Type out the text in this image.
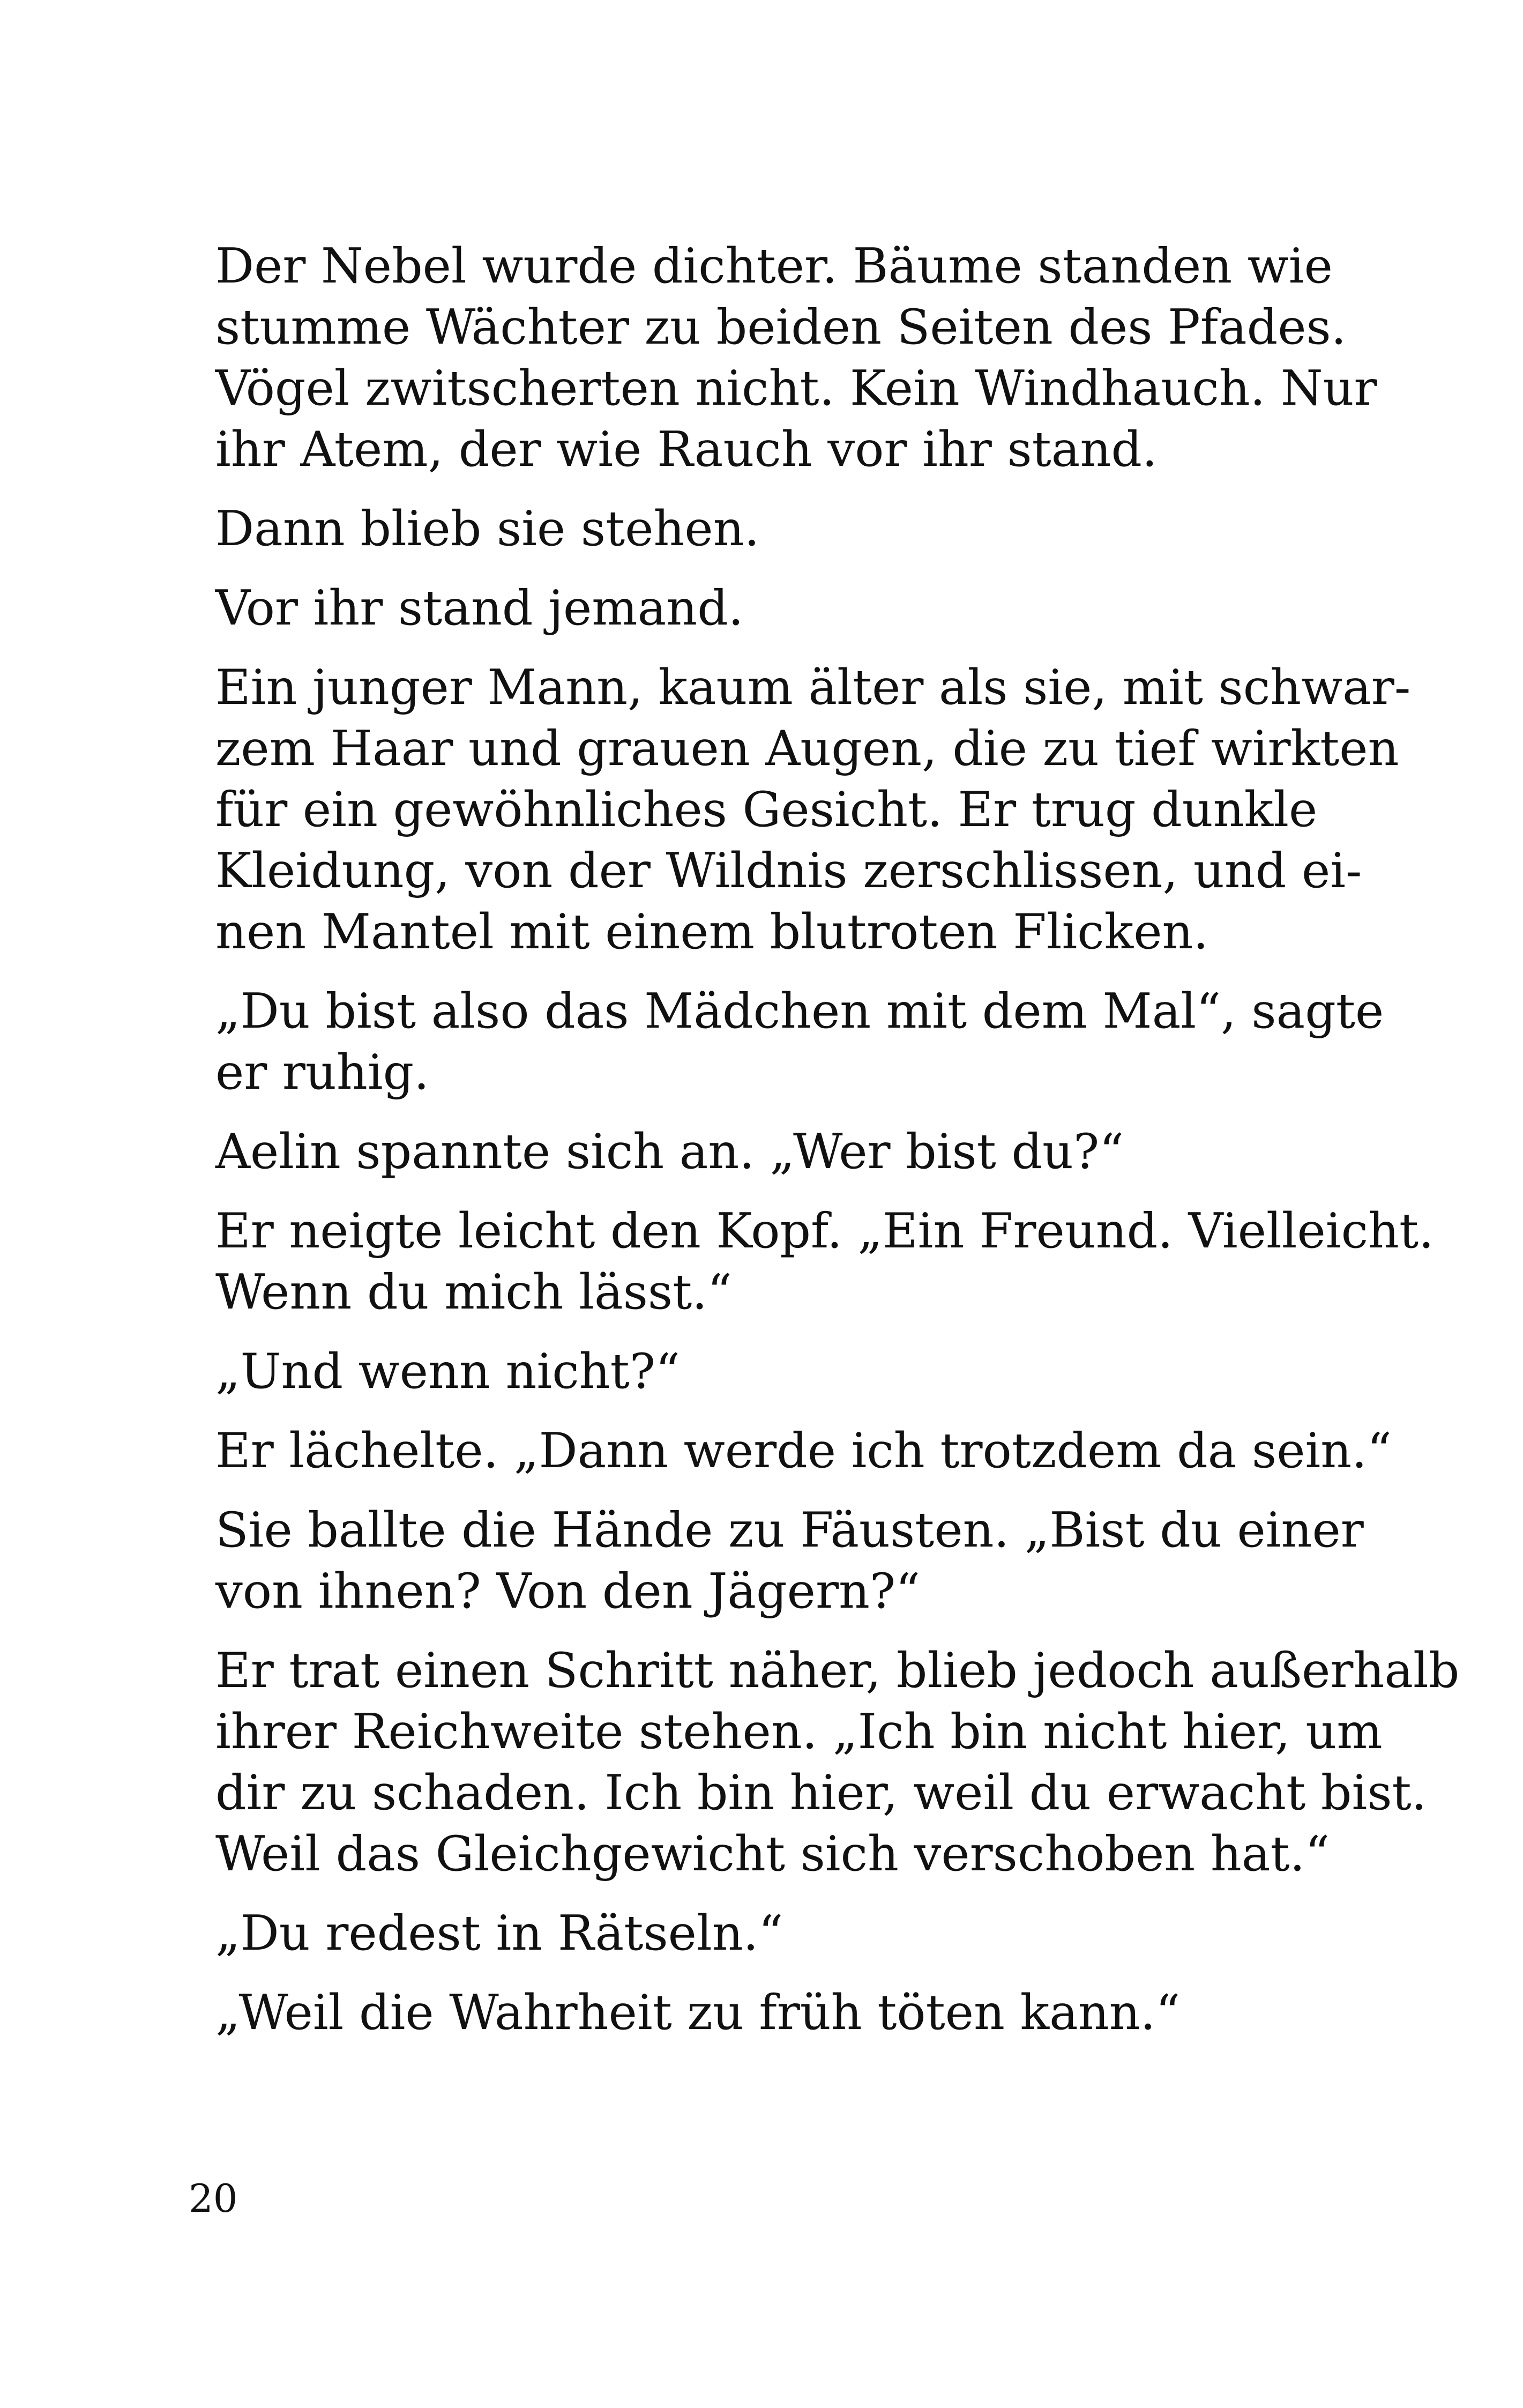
Der Nebel wurde dichter. Bäume standen wie
stumme Wächter zu beiden Seiten des Pfades.
Vögel zwitscherten nicht. Kein Windhauch. Nur
ihr Atem, der wie Rauch vor ihr stand.

Dann blieb sie stehen.

Vor ihr stand jemand.

Ein junger Mann, kaum älter als sie, mit schwar-
zem Haar und grauen Augen, die zu tief wirkten
für ein gewöhnliches Gesicht. Er trug dunkle
Kleidung, von der Wildnis zerschlissen, und ei-
nen Mantel mit einem blutroten Flicken.

„Du bist also das Mädchen mit dem Mal“, sagte
er ruhig.

Aelin spannte sich an. „Wer bist du?“

Er neigte leicht den Kopf. „Ein Freund. Vielleicht.
Wenn du mich lässt.“

„Und wenn nicht?“

Er lächelte. „Dann werde ich trotzdem da sein.“

Sie ballte die Hände zu Fäusten. „Bist du einer
von ihnen? Von den Jägern?“

Er trat einen Schritt näher, blieb jedoch außerhalb
ihrer Reichweite stehen. „Ich bin nicht hier, um
dir zu schaden. Ich bin hier, weil du erwacht bist.
Weil das Gleichgewicht sich verschoben hat.“

„Du redest in Rätseln.“

„Weil die Wahrheit zu früh töten kann.“

20
